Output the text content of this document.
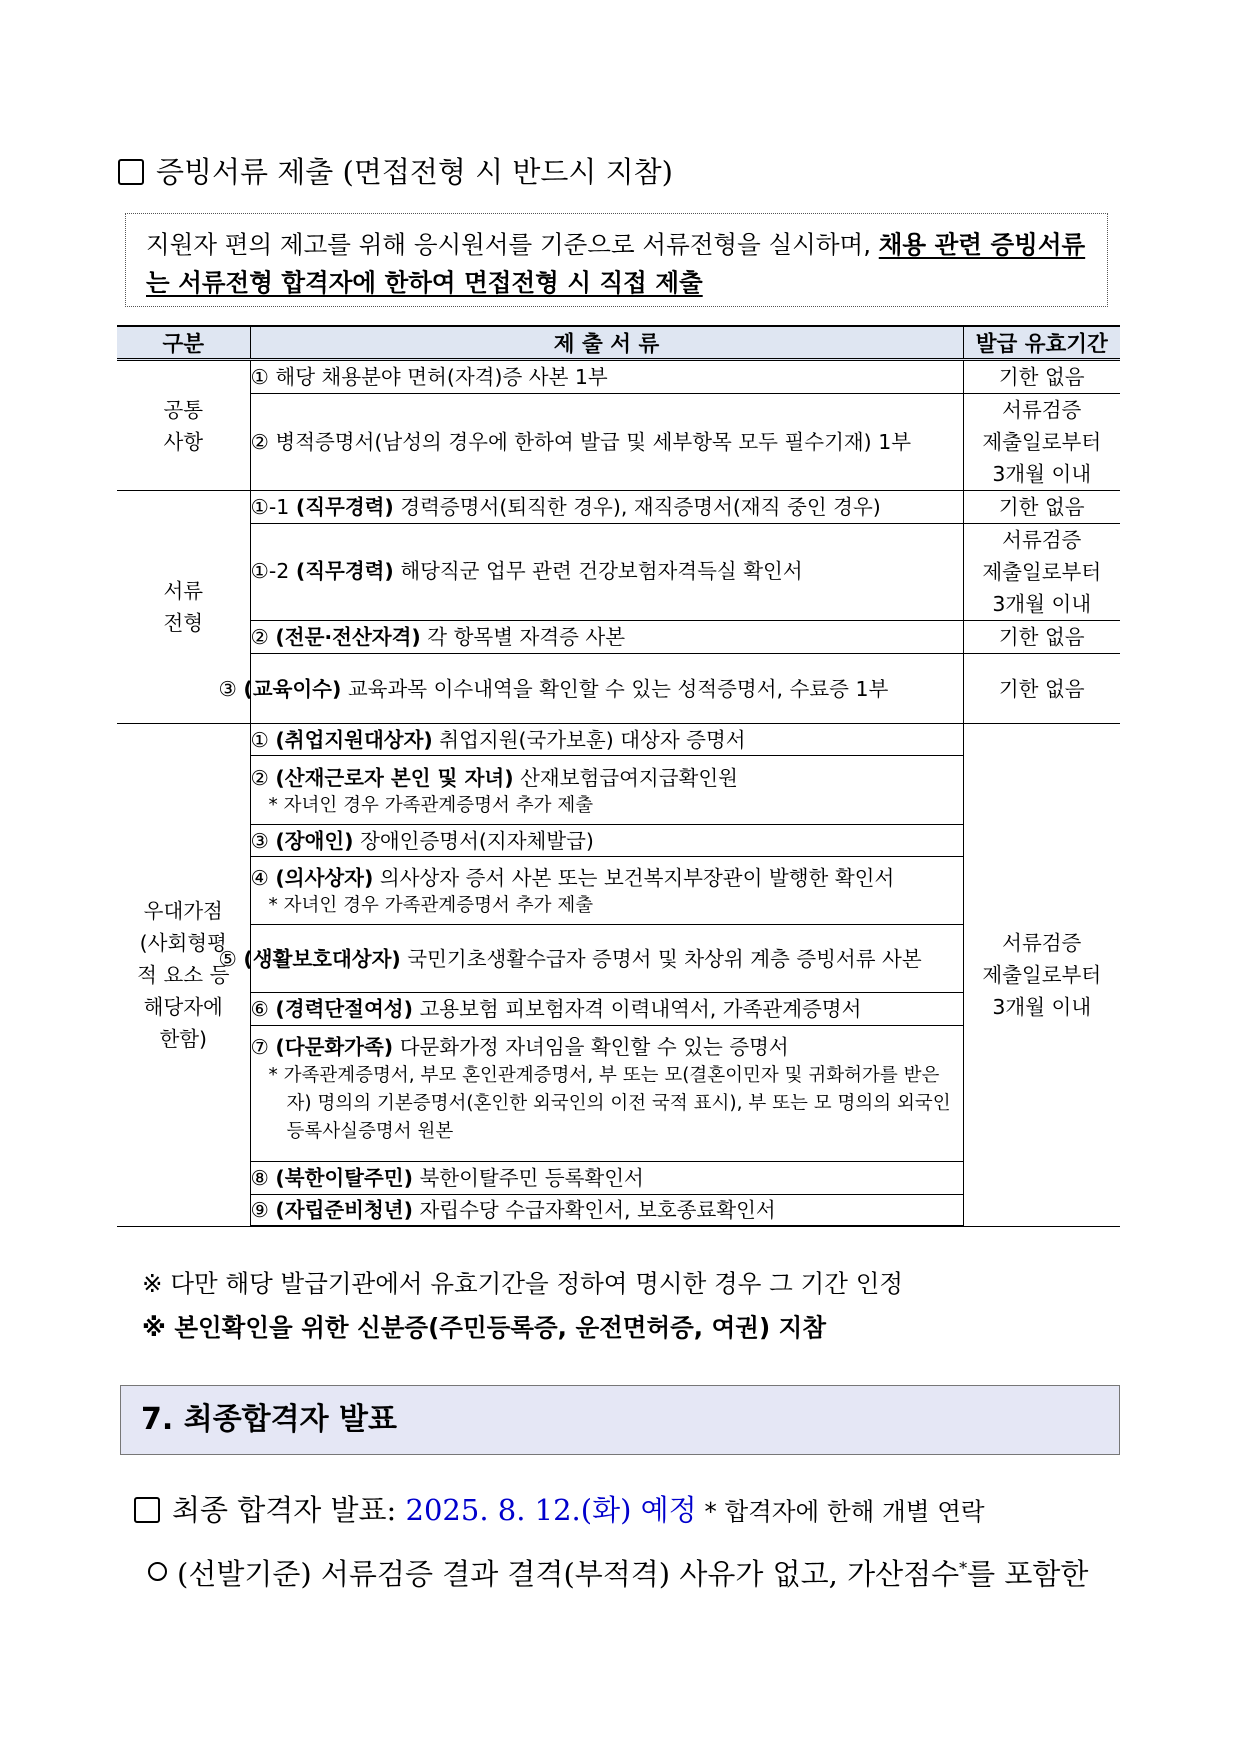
증빙서류 제출 (면접전형 시 반드시 지참)
지원자 편의 제고를 위해 응시원서를 기준으로 서류전형을 실시하며, 채용 관련 증빙서류는 서류전형 합격자에 한하여 면접전형 시 직접 제출
구분	제 출 서 류	발급 유효기간
공통
사항	① 해당 채용분야 면허(자격)증 사본 1부	기한 없음
	② 병적증명서(남성의 경우에 한하여 발급 및 세부항목 모두 필수기재) 1부	서류검증
제출일로부터
3개월 이내
서류
전형	①-1 (직무경력) 경력증명서(퇴직한 경우), 재직증명서(재직 중인 경우)	기한 없음
	①-2 (직무경력) 해당직군 업무 관련 건강보험자격득실 확인서	서류검증
제출일로부터
3개월 이내
	② (전문·전산자격) 각 항목별 자격증 사본	기한 없음
	③ (교육이수) 교육과목 이수내역을 확인할 수 있는 성적증명서, 수료증 1부	기한 없음
우대가점
(사회형평
적 요소 등
해당자에
한함)	① (취업지원대상자) 취업지원(국가보훈) 대상자 증명서	서류검증
제출일로부터
3개월 이내

	② (산재근로자 본인 및 자녀) 산재보험급여지급확인원
* 자녀인 경우 가족관계증명서 추가 제출	

	③ (장애인) 장애인증명서(지자체발급)	

	④ (의사상자) 의사상자 증서 사본 또는 보건복지부장관이 발행한 확인서
* 자녀인 경우 가족관계증명서 추가 제출	

	⑤ (생활보호대상자) 국민기초생활수급자 증명서 및 차상위 계층 증빙서류 사본	
	⑥ (경력단절여성) 고용보험 피보험자격 이력내역서, 가족관계증명서	

	⑦ (다문화가족) 다문화가정 자녀임을 확인할 수 있는 증명서
* 가족관계증명서, 부모 혼인관계증명서, 부 또는 모(결혼이민자 및 귀화허가를 받은 자) 명의의 기본증명서(혼인한 외국인의 이전 국적 표시), 부 또는 모 명의의 외국인 등록사실증명서 원본	

	⑧ (북한이탈주민) 북한이탈주민 등록확인서	
	⑨ (자립준비청년) 자립수당 수급자확인서, 보호종료확인서	
※ 다만 해당 발급기관에서 유효기간을 정하여 명시한 경우 그 기간 인정
※ 본인확인을 위한 신분증(주민등록증, 운전면허증, 여권) 지참
7. 최종합격자 발표
최종 합격자 발표: 2025. 8. 12.(화) 예정 * 합격자에 한해 개별 연락
(선발기준) 서류검증 결과 결격(부적격) 사유가 없고, 가산점수*를 포함한
